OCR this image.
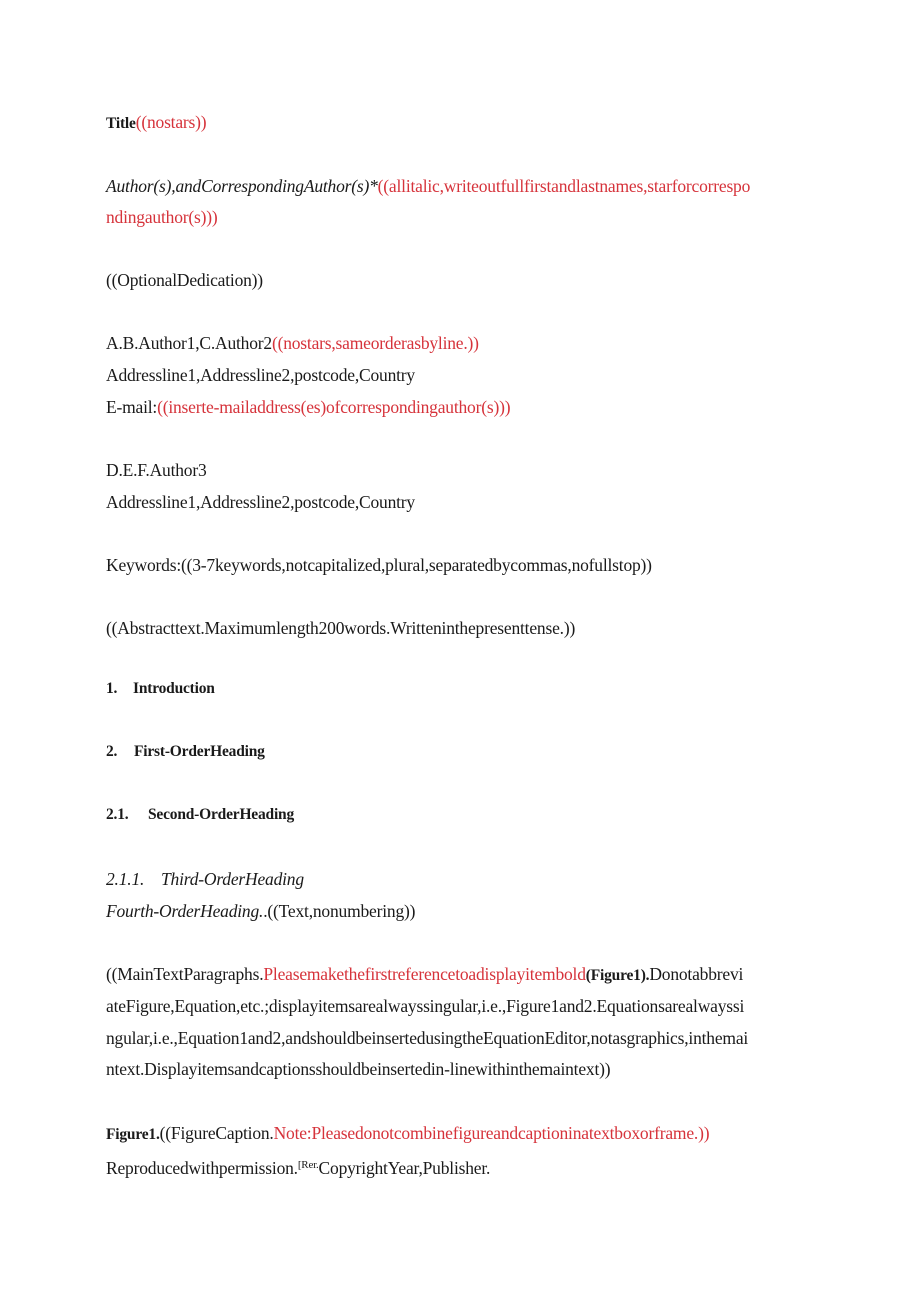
Title((nostars))
Author(s),andCorrespondingAuthor(s)*((allitalic,writeoutfullfirstandlastnames,starforcorrespo
ndingauthor(s)))
((OptionalDedication))
A.B.Author1,C.Author2((nostars,sameorderasbyline.))
Addressline1,Addressline2,postcode,Country
E-mail:((inserte-mailaddress(es)ofcorrespondingauthor(s)))
D.E.F.Author3
Addressline1,Addressline2,postcode,Country
Keywords:((3-7keywords,notcapitalized,plural,separatedbycommas,nofullstop))
((Abstracttext.Maximumlength200words.Writteninthepresenttense.))
1. Introduction
2. First-OrderHeading
2.1. Second-OrderHeading
2.1.1. Third-OrderHeading
Fourth-OrderHeading..((Text,nonumbering))
((MainTextParagraphs.Pleasemakethefirstreferencetoadisplayitembold(Figure1).Donotabbrevi
ateFigure,Equation,etc.;displayitemsarealwayssingular,i.e.,Figure1and2.Equationsarealwayssi
ngular,i.e.,Equation1and2,andshouldbeinsertedusingtheEquationEditor,notasgraphics,inthemai
ntext.Displayitemsandcaptionsshouldbeinsertedin-linewithinthemaintext))
Figure1.((FigureCaption.Note:Pleasedonotcombinefigureandcaptioninatextboxorframe.))
Reproducedwithpermission.$^{[Rer.}$CopyrightYear,Publisher.
